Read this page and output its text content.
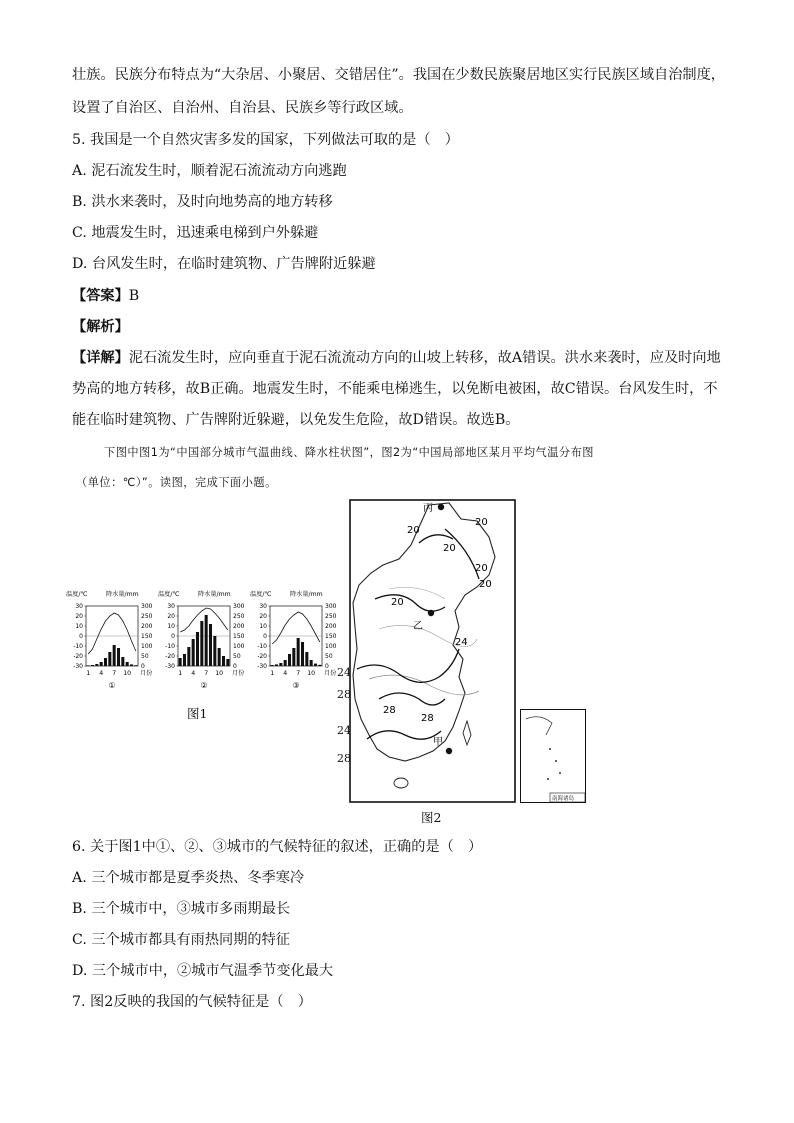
壮族。民族分布特点为“大杂居、小聚居、交错居住”。我国在少数民族聚居地区实行民族区域自治制度，
设置了自治区、自治州、自治县、民族乡等行政区域。
5. 我国是一个自然灾害多发的国家，下列做法可取的是（　）
A. 泥石流发生时，顺着泥石流流动方向逃跑
B. 洪水来袭时，及时向地势高的地方转移
C. 地震发生时，迅速乘电梯到户外躲避
D. 台风发生时，在临时建筑物、广告牌附近躲避
【答案】B
【解析】
【详解】泥石流发生时，应向垂直于泥石流流动方向的山坡上转移，故A错误。洪水来袭时，应及时向地
势高的地方转移，故B正确。地震发生时，不能乘电梯逃生，以免断电被困，故C错误。台风发生时，不
能在临时建筑物、广告牌附近躲避，以免发生危险，故D错误。故选B。
下图中图1为“中国部分城市气温曲线、降水柱状图”，图2为“中国局部地区某月平均气温分布图
（单位：℃）”。读图，完成下面小题。
温度/℃	降水量/mm
30
20
10
0
-10
-20
-30
300
250
200
150
100
50
0
1 4 7 10 月份
①
温度/℃	降水量/mm
30
20
10
0
-10
-20
-30
300
250
200
150
100
50
0
1 4 7 10 月份
②
温度/℃	降水量/mm
30
20
10
0
-10
-20
-30
300
250
200
150
100
50
0
1 4 7 10 月份
③
图1
丙
乙
甲
20
20
20
20
20
20
24
28
28
24
28
24
28
南海诸岛
图2
6. 关于图1中①、②、③城市的气候特征的叙述，正确的是（　）
A. 三个城市都是夏季炎热、冬季寒冷
B. 三个城市中，③城市多雨期最长
C. 三个城市都具有雨热同期的特征
D. 三个城市中，②城市气温季节变化最大
7. 图2反映的我国的气候特征是（　）
